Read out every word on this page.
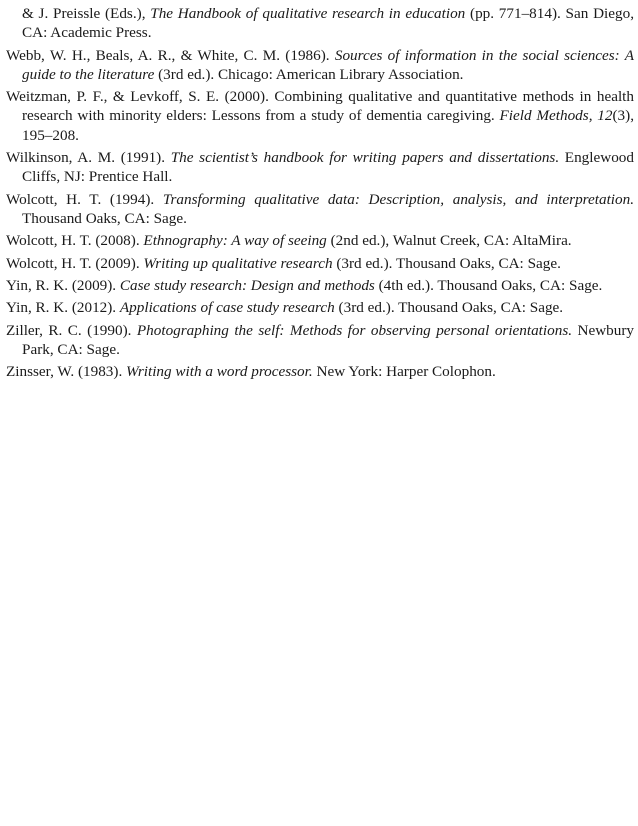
& J. Preissle (Eds.), The Handbook of qualitative research in education (pp. 771–814). San Diego, CA: Academic Press.

Webb, W. H., Beals, A. R., & White, C. M. (1986). Sources of information in the social sciences: A guide to the literature (3rd ed.). Chicago: American Library Association.

Weitzman, P. F., & Levkoff, S. E. (2000). Combining qualitative and quantitative methods in health research with minority elders: Lessons from a study of dementia caregiving. Field Methods, 12(3), 195–208.

Wilkinson, A. M. (1991). The scientist’s handbook for writing papers and dissertations. Englewood Cliffs, NJ: Prentice Hall.

Wolcott, H. T. (1994). Transforming qualitative data: Description, analysis, and interpretation. Thousand Oaks, CA: Sage.

Wolcott, H. T. (2008). Ethnography: A way of seeing (2nd ed.), Walnut Creek, CA: AltaMira.

Wolcott, H. T. (2009). Writing up qualitative research (3rd ed.). Thousand Oaks, CA: Sage.

Yin, R. K. (2009). Case study research: Design and methods (4th ed.). Thousand Oaks, CA: Sage.

Yin, R. K. (2012). Applications of case study research (3rd ed.). Thousand Oaks, CA: Sage.

Ziller, R. C. (1990). Photographing the self: Methods for observing personal orientations. Newbury Park, CA: Sage.

Zinsser, W. (1983). Writing with a word processor. New York: Harper Colophon.
